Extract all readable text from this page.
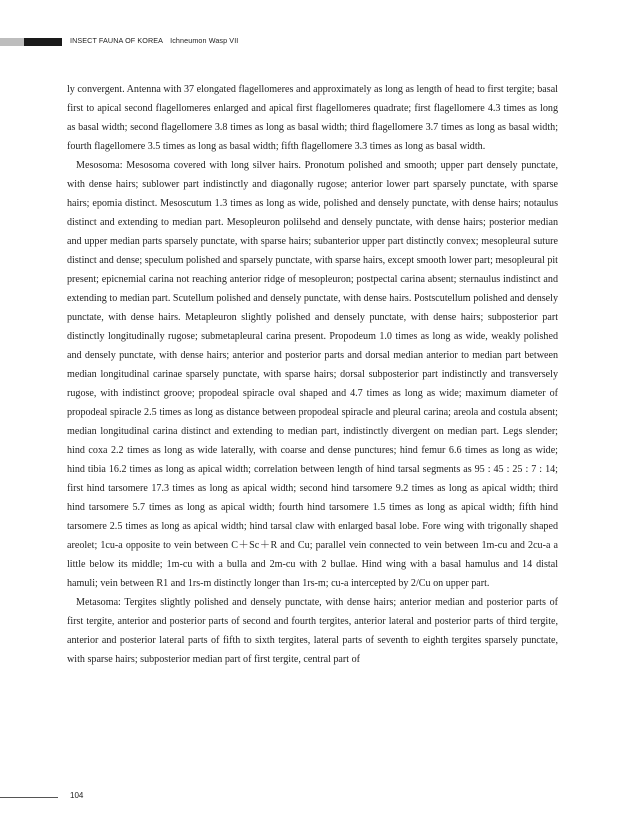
INSECT FAUNA OF KOREA Ichneumon Wasp VII

ly convergent. Antenna with 37 elongated flagellomeres and approximately as long as length of head to first tergite; basal first to apical second flagellomeres enlarged and apical first flagellomeres quadrate; first flagellomere 4.3 times as long as basal width; second flagellomere 3.8 times as long as basal width; third flagellomere 3.7 times as long as basal width; fourth flagellomere 3.5 times as long as basal width; fifth flagellomere 3.3 times as long as basal width.

Mesosoma: Mesosoma covered with long silver hairs. Pronotum polished and smooth; upper part densely punctate, with dense hairs; sublower part indistinctly and diagonally rugose; anterior lower part sparsely punctate, with sparse hairs; epomia distinct. Mesoscutum 1.3 times as long as wide, polished and densely punctate, with dense hairs; notaulus distinct and extending to median part. Mesopleuron polilsehd and densely punctate, with dense hairs; posterior median and upper median parts sparsely punctate, with sparse hairs; subanterior upper part distinctly convex; mesopleural suture distinct and dense; speculum polished and sparsely punctate, with sparse hairs, except smooth lower part; mesopleural pit present; epicnemial carina not reaching anterior ridge of mesopleuron; postpectal carina absent; sternaulus indistinct and extending to median part. Scutellum polished and densely punctate, with dense hairs. Postscutellum polished and densely punctate, with dense hairs. Metapleuron slightly polished and densely punctate, with dense hairs; subposterior part distinctly longitudinally rugose; submetapleural carina present. Propodeum 1.0 times as long as wide, weakly polished and densely punctate, with dense hairs; anterior and posterior parts and dorsal median anterior to median part between median longitudinal carinae sparsely punctate, with sparse hairs; dorsal subposterior part indistinctly and transversely rugose, with indistinct groove; propodeal spiracle oval shaped and 4.7 times as long as wide; maximum diameter of propodeal spiracle 2.5 times as long as distance between propodeal spiracle and pleural carina; areola and costula absent; median longitudinal carina distinct and extending to median part, indistinctly divergent on median part. Legs slender; hind coxa 2.2 times as long as wide laterally, with coarse and dense punctures; hind femur 6.6 times as long as wide; hind tibia 16.2 times as long as apical width; correlation between length of hind tarsal segments as 95 : 45 : 25 : 7 : 14; first hind tarsomere 17.3 times as long as apical width; second hind tarsomere 9.2 times as long as apical width; third hind tarsomere 5.7 times as long as apical width; fourth hind tarsomere 1.5 times as long as apical width; fifth hind tarsomere 2.5 times as long as apical width; hind tarsal claw with enlarged basal lobe. Fore wing with trigonally shaped areolet; 1cu-a opposite to vein between C＋Sc＋R and Cu; parallel vein connected to vein between 1m-cu and 2cu-a a little below its middle; 1m-cu with a bulla and 2m-cu with 2 bullae. Hind wing with a basal hamulus and 14 distal hamuli; vein between R1 and 1rs-m distinctly longer than 1rs-m; cu-a intercepted by 2/Cu on upper part.

Metasoma: Tergites slightly polished and densely punctate, with dense hairs; anterior median and posterior parts of first tergite, anterior and posterior parts of second and fourth tergites, anterior lateral and posterior parts of third tergite, anterior and posterior lateral parts of fifth to sixth tergites, lateral parts of seventh to eighth tergites sparsely punctate, with sparse hairs; subposterior median part of first tergite, central part of

104
